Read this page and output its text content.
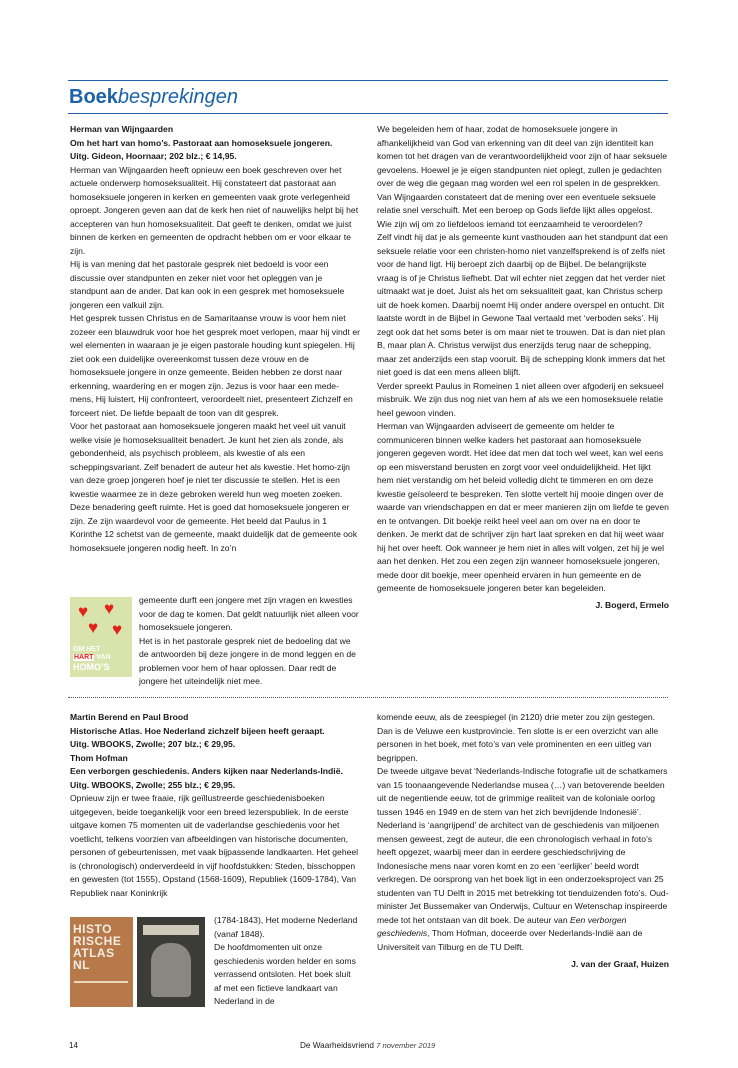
Boekbesprekingen

Herman van Wijngaarden

Om het hart van homo’s. Pastoraat aan homoseksuele jongeren.

Uitg. Gideon, Hoornaar; 202 blz.; € 14,95.

Herman van Wijngaarden heeft opnieuw een boek geschreven over het actuele onderwerp homoseksualiteit. Hij constateert dat pastoraat aan homoseksuele jongeren in kerken en gemeenten vaak grote verlegenheid oproept. Jongeren geven aan dat de kerk hen niet of nauwelijks helpt bij het accepteren van hun homoseksualiteit. Dat geeft te denken, omdat we juist binnen de kerken en gemeenten de opdracht hebben om er voor elkaar te zijn.

Hij is van mening dat het pastorale gesprek niet bedoeld is voor een discussie over standpunten en zeker niet voor het opleggen van je standpunt aan de ander. Dat kan ook in een gesprek met homoseksuele jongeren een valkuil zijn.

Het gesprek tussen Christus en de Samaritaanse vrouw is voor hem niet zozeer een blauwdruk voor hoe het gesprek moet verlopen, maar hij vindt er wel elementen in waaraan je je eigen pastorale houding kunt spiegelen. Hij ziet ook een duidelijke overeenkomst tussen deze vrouw en de homoseksuele jongere in onze gemeente. Beiden hebben ze dorst naar erkenning, waardering en er mogen zijn. Jezus is voor haar een mede-mens, Hij luistert, Hij confronteert, veroordeelt niet, presenteert Zichzelf en forceert niet. De liefde bepaalt de toon van dit gesprek.

Voor het pastoraat aan homoseksuele jongeren maakt het veel uit vanuit welke visie je homoseksualiteit benadert. Je kunt het zien als zonde, als gebondenheid, als psychisch probleem, als kwestie of als een scheppingsvariant. Zelf benadert de auteur het als kwestie. Het homo-zijn van deze groep jongeren hoef je niet ter discussie te stellen. Het is een kwestie waarmee ze in deze gebroken wereld hun weg moeten zoeken.

Deze benadering geeft ruimte. Het is goed dat homoseksuele jongeren er zijn. Ze zijn waardevol voor de gemeente. Het beeld dat Paulus in 1 Korinthe 12 schetst van de gemeente, maakt duidelijk dat de gemeente ook homoseksuele jongeren nodig heeft. In zo’n

gemeente durft een jongere met zijn vragen en kwesties voor de dag te komen. Dat geldt natuurlijk niet alleen voor homoseksuele jongeren.

Het is in het pastorale gesprek niet de bedoeling dat we de antwoorden bij deze jongere in de mond leggen en de problemen voor hem of haar oplossen. Daar redt de jongere het uiteindelijk niet mee.

♥ ♥
♥ ♥
OM HET
HART VAN
HOMO’S

We begeleiden hem of haar, zodat de homoseksuele jongere in afhankelijkheid van God van erkenning van dit deel van zijn identiteit kan komen tot het dragen van de verantwoordelijkheid voor zijn of haar seksuele gevoelens. Hoewel je je eigen standpunten niet oplegt, zullen je gedachten over de weg die gegaan mag worden wel een rol spelen in de gesprekken.

Van Wijngaarden constateert dat de mening over een eventuele seksuele relatie snel verschuift. Met een beroep op Gods liefde lijkt alles opgelost. Wie zijn wij om zo liefdeloos iemand tot eenzaamheid te veroordelen?

Zelf vindt hij dat je als gemeente kunt vasthouden aan het standpunt dat een seksuele relatie voor een christen-homo niet vanzelfsprekend is of zelfs niet voor de hand ligt. Hij beroept zich daarbij op de Bijbel. De belangrijkste vraag is of je Christus liefhebt. Dat wil echter niet zeggen dat het verder niet uitmaakt wat je doet. Juist als het om seksualiteit gaat, kan Christus scherp uit de hoek komen. Daarbij noemt Hij onder andere overspel en ontucht. Dit laatste wordt in de Bijbel in Gewone Taal vertaald met ‘verboden seks’. Hij zegt ook dat het soms beter is om maar niet te trouwen. Dat is dan niet plan B, maar plan A. Christus verwijst dus enerzijds terug naar de schepping, maar zet anderzijds een stap vooruit. Bij de schepping klonk immers dat het niet goed is dat een mens alleen blijft.

Verder spreekt Paulus in Romeinen 1 niet alleen over afgoderij en seksueel misbruik. We zijn dus nog niet van hem af als we een homoseksuele relatie heel gewoon vinden.

Herman van Wijngaarden adviseert de gemeente om helder te communiceren binnen welke kaders het pastoraat aan homoseksuele jongeren gegeven wordt. Het idee dat men dat toch wel weet, kan wel eens op een misverstand berusten en zorgt voor veel onduidelijkheid. Het lijkt hem niet verstandig om het beleid volledig dicht te timmeren en om deze kwestie geïsoleerd te bespreken. Ten slotte vertelt hij mooie dingen over de waarde van vriendschappen en dat er meer manieren zijn om liefde te geven en te ontvangen. Dit boekje reikt heel veel aan om over na en door te denken. Je merkt dat de schrijver zijn hart laat spreken en dat hij weet waar hij het over heeft. Ook wanneer je hem niet in alles wilt volgen, zet hij je wel aan het denken. Het zou een zegen zijn wanneer homoseksuele jongeren, mede door dit boekje, meer openheid ervaren in hun gemeente en de gemeente de homoseksuele jongeren beter kan begeleiden.

J. Bogerd, Ermelo

Martin Berend en Paul Brood

Historische Atlas. Hoe Nederland zichzelf bijeen heeft geraapt.

Uitg. WBOOKS, Zwolle; 207 blz.; € 29,95.

Thom Hofman

Een verborgen geschiedenis. Anders kijken naar Nederlands-Indië.

Uitg. WBOOKS, Zwolle; 255 blz.; € 29,95.

Opnieuw zijn er twee fraaie, rijk geïllustreerde geschiedenisboeken uitgegeven, beide toegankelijk voor een breed lezerspubliek. In de eerste uitgave komen 75 momenten uit de vaderlandse geschiedenis voor het voetlicht, telkens voorzien van afbeeldingen van historische documenten, personen of gebeurtenissen, met vaak bijpassende landkaarten. Het geheel is (chronologisch) onderverdeeld in vijf hoofdstukken: Steden, bisschoppen en gewesten (tot 1555), Opstand (1568-1609), Republiek (1609-1784), Van Republiek naar Koninkrijk

(1784-1843), Het moderne Nederland (vanaf 1848).

De hoofdmomenten uit onze geschiedenis worden helder en soms verrassend ontsloten. Het boek sluit af met een fictieve landkaart van Nederland in de

HISTO RISCHE ATLAS NL

komende eeuw, als de zeespiegel (in 2120) drie meter zou zijn gestegen. Dan is de Veluwe een kustprovincie. Ten slotte is er een overzicht van alle personen in het boek, met foto’s van vele prominenten en een uitleg van begrippen.

De tweede uitgave bevat ‘Nederlands-Indische fotografie uit de schatkamers van 15 toonaangevende Nederlandse musea (…) van betoverende beelden uit de negentiende eeuw, tot de grimmige realiteit van de koloniale oorlog tussen 1946 en 1949 en de stem van het zich bevrijdende Indonesië’. Nederland is ‘aangrijpend’ de architect van de geschiedenis van miljoenen mensen geweest, zegt de auteur, die een chronologisch verhaal in foto’s heeft opgezet, waarbij meer dan in eerdere geschiedschrijving de Indonesische mens naar voren komt en zo een ‘eerlijker’ beeld wordt verkregen. De oorsprong van het boek ligt in een onderzoeksproject van 25 studenten van TU Delft in 2015 met betrekking tot tienduizenden foto’s. Oud-minister Jet Bussemaker van Onderwijs, Cultuur en Wetenschap inspireerde mede tot het ontstaan van dit boek. De auteur van Een verborgen geschiedenis, Thom Hofman, doceerde over Nederlands-Indië aan de Universiteit van Tilburg en de TU Delft.

J. van der Graaf, Huizen

14	De Waarheidsvriend 7 november 2019
